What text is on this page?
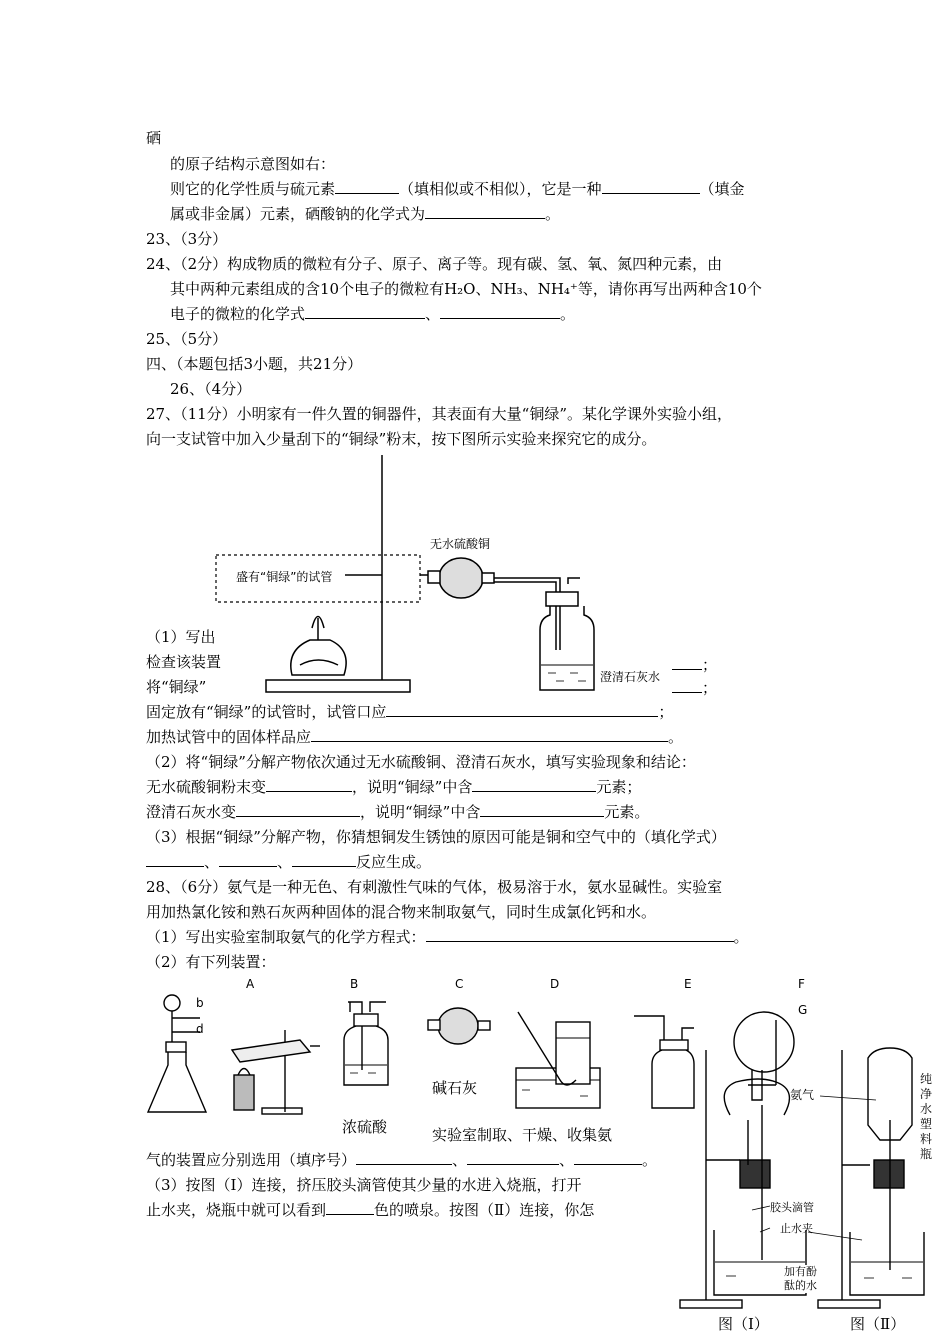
硒
的原子结构示意图如右：
则它的化学性质与硫元素	（填相似或不相似），它是一种	（填金
属或非金属）元素，硒酸钠的化学式为	。
23、（3分）
24、（2分）构成物质的微粒有分子、原子、离子等。现有碳、氢、氧、氮四种元素，由
其中两种元素组成的含10个电子的微粒有H₂O、NH₃、NH₄⁺等，请你再写出两种含10个
电子的微粒的化学式	、	。
25、（5分）
四、（本题包括3小题，共21分）
26、（4分）
27、（11分）小明家有一件久置的铜器件，其表面有大量“铜绿”。某化学课外实验小组，
向一支试管中加入少量刮下的“铜绿”粉末，按下图所示实验来探究它的成分。
（1）写出
检查该装置
将“铜绿”
；
；
固定放有“铜绿”的试管时，试管口应	；
加热试管中的固体样品应	。
（2）将“铜绿”分解产物依次通过无水硫酸铜、澄清石灰水，填写实验现象和结论：
无水硫酸铜粉末变	，说明“铜绿”中含	元素；
澄清石灰水变	，说明“铜绿”中含	元素。
（3）根据“铜绿”分解产物，你猜想铜发生锈蚀的原因可能是铜和空气中的（填化学式）
、	、	反应生成。
28、（6分）氨气是一种无色、有刺激性气味的气体，极易溶于水，氨水显碱性。实验室
用加热氯化铵和熟石灰两种固体的混合物来制取氨气，同时生成氯化钙和水。
（1）写出实验室制取氨气的化学方程式：	。
（2）有下列装置：
实验室制取、干燥、收集氨
气的装置应分别选用（填序号）	、	、	。
（3）按图（Ⅰ）连接，挤压胶头滴管使其少量的水进入烧瓶，打开
止水夹，烧瓶中就可以看到	色的喷泉。按图（Ⅱ）连接，你怎
盛有“铜绿”的试管
无水硫酸铜
澄清石灰水
A	B	C	D	E	F
G
b
d
浓硫酸
碱石灰	氨气
胶头滴管
止水夹
加有酚
酞的水
纯净水塑料瓶
图（Ⅰ）	图（Ⅱ）
